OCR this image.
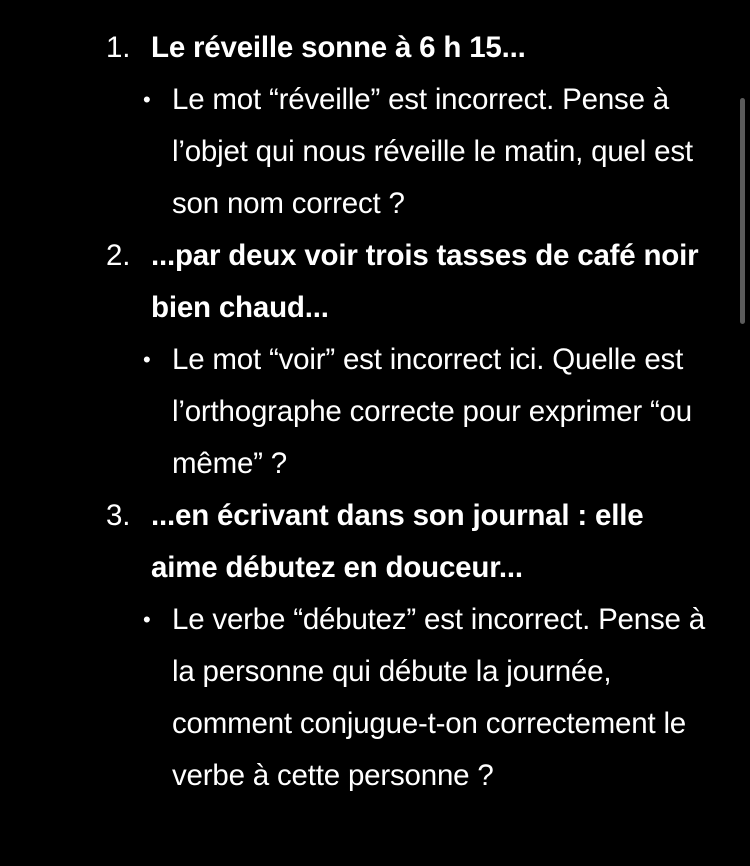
1. Le réveille sonne à 6 h 15...
• Le mot “réveille” est incorrect. Pense à l’objet qui nous réveille le matin, quel est son nom correct ?
2. ...par deux voir trois tasses de café noir bien chaud...
• Le mot “voir” est incorrect ici. Quelle est l’orthographe correcte pour exprimer “ou même” ?
3. ...en écrivant dans son journal : elle aime débutez en douceur...
• Le verbe “débutez” est incorrect. Pense à la personne qui débute la journée, comment conjugue-t-on correctement le verbe à cette personne ?
